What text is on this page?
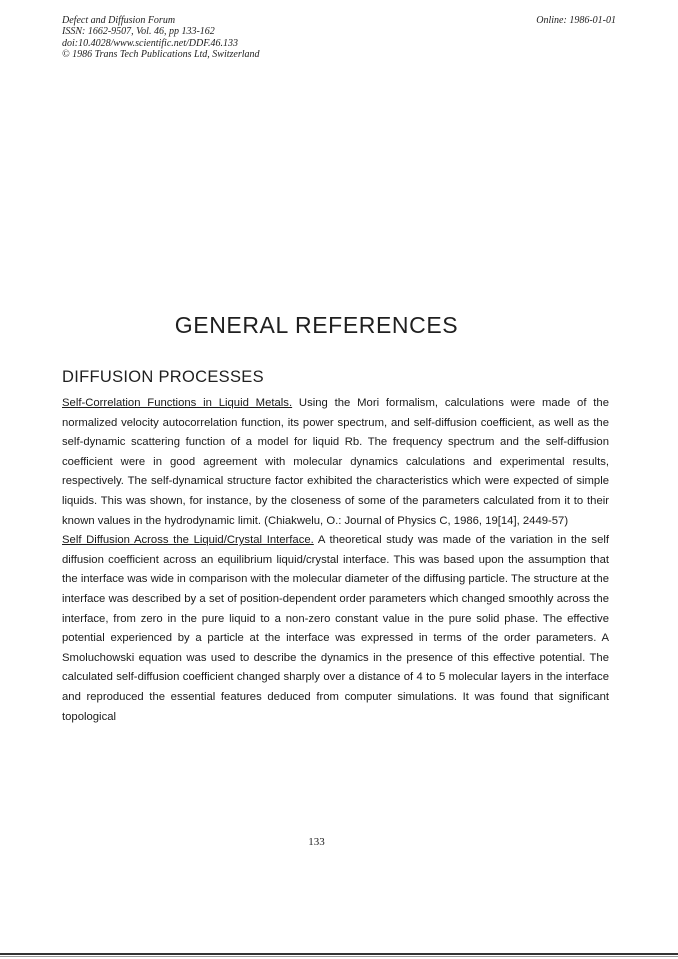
Defect and Diffusion Forum
ISSN: 1662-9507, Vol. 46, pp 133-162
doi:10.4028/www.scientific.net/DDF.46.133
© 1986 Trans Tech Publications Ltd, Switzerland
Online: 1986-01-01
GENERAL REFERENCES
DIFFUSION PROCESSES

Self-Correlation Functions in Liquid Metals. Using the Mori formalism, calculations were made of the normalized velocity autocorrelation function, its power spectrum, and self-diffusion coefficient, as well as the self-dynamic scattering function of a model for liquid Rb. The frequency spectrum and the self-diffusion coefficient were in good agreement with molecular dynamics calculations and experimental results, respectively. The self-dynamical structure factor exhibited the characteristics which were expected of simple liquids. This was shown, for instance, by the closeness of some of the parameters calculated from it to their known values in the hydrodynamic limit. (Chiakwelu, O.: Journal of Physics C, 1986, 19[14], 2449-57)

Self Diffusion Across the Liquid/Crystal Interface. A theoretical study was made of the variation in the self diffusion coefficient across an equilibrium liquid/crystal interface. This was based upon the assumption that the interface was wide in comparison with the molecular diameter of the diffusing particle. The structure at the interface was described by a set of position-dependent order parameters which changed smoothly across the interface, from zero in the pure liquid to a non-zero constant value in the pure solid phase. The effective potential experienced by a particle at the interface was expressed in terms of the order parameters. A Smoluchowski equation was used to describe the dynamics in the presence of this effective potential. The calculated self-diffusion coefficient changed sharply over a distance of 4 to 5 molecular layers in the interface and reproduced the essential features deduced from computer simulations. It was found that significant topological

133
